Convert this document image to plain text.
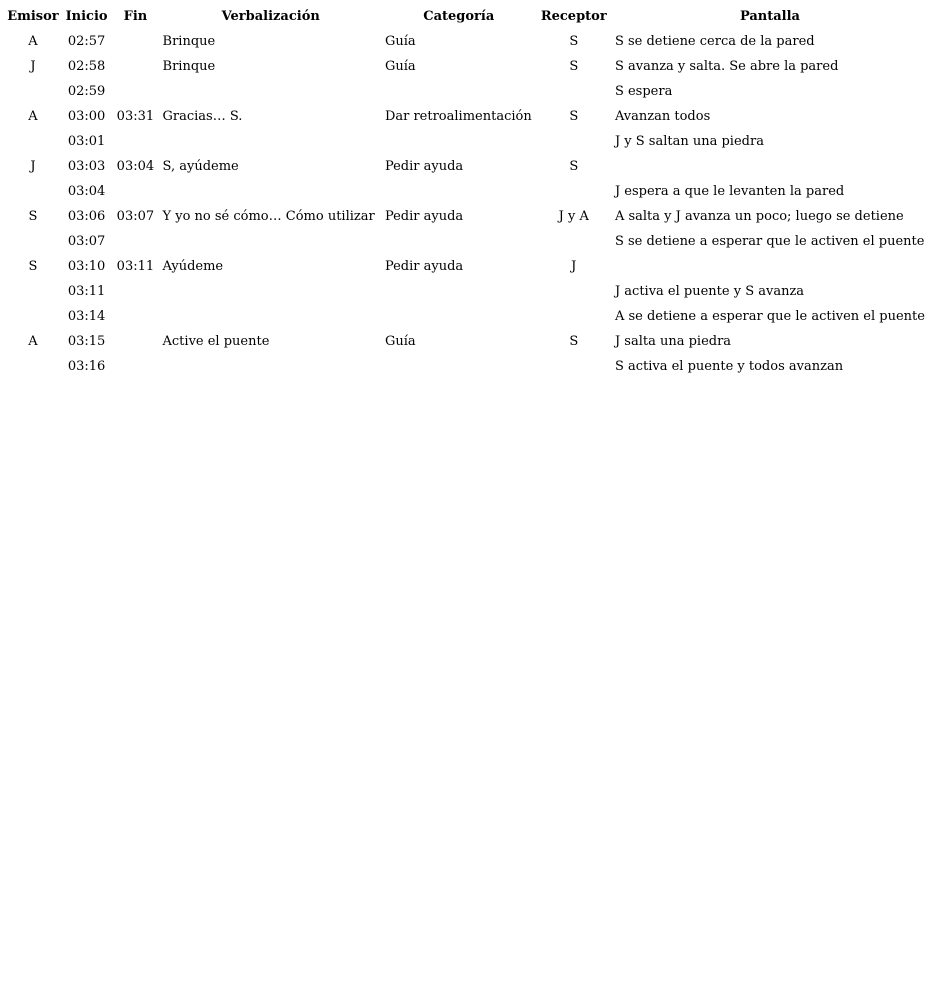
Emisor	Inicio	Fin	Verbalización	Categoría	Receptor	Pantalla
A	02:57		Brinque	Guía	S	S se detiene cerca de la pared
J	02:58		Brinque	Guía	S	S avanza y salta. Se abre la pared
	02:59					S espera
A	03:00	03:31	Gracias… S.	Dar retroalimentación	S	Avanzan todos
	03:01					J y S saltan una piedra
J	03:03	03:04	S, ayúdeme	Pedir ayuda	S	
	03:04					J espera a que le levanten la pared
S	03:06	03:07	Y yo no sé cómo… Cómo utilizar	Pedir ayuda	J y A	A salta y J avanza un poco; luego se detiene
	03:07					S se detiene a esperar que le activen el puente
S	03:10	03:11	Ayúdeme	Pedir ayuda	J	
	03:11					J activa el puente y S avanza
	03:14					A se detiene a esperar que le activen el puente
A	03:15		Active el puente	Guía	S	J salta una piedra
	03:16					S activa el puente y todos avanzan
